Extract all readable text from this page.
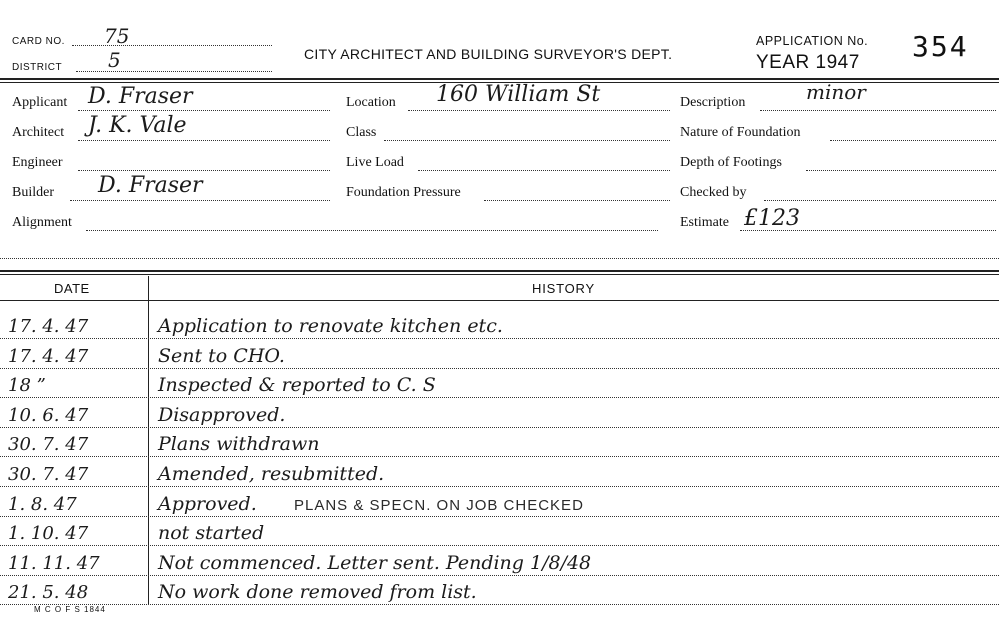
CARD NO. 75
DISTRICT 5	CITY ARCHITECT AND BUILDING SURVEYOR'S DEPT.
APPLICATION No.
YEAR 1947 354
Applicant D. Fraser
Architect J. K. Vale
Engineer
Builder D. Fraser
Alignment
Location 160 William St
Class
Live Load
Foundation Pressure
Description	minor
Nature of Foundation
Depth of Footings
Checked by
Estimate £123
DATE	HISTORY
17. 4. 47	Application to renovate kitchen etc.
17. 4. 47	Sent to CHO.
18 ”	Inspected & reported to C. S
10. 6. 47	Disapproved.
30. 7. 47	Plans withdrawn
30. 7. 47	Amended, resubmitted.
1. 8. 47	Approved.
1. 10. 47	not started
11. 11. 47	Not commenced. Letter sent. Pending 1/8/48
21. 5. 48	No work done removed from list.
PLANS & SPECN. ON JOB CHECKED
M C O F S 1844
